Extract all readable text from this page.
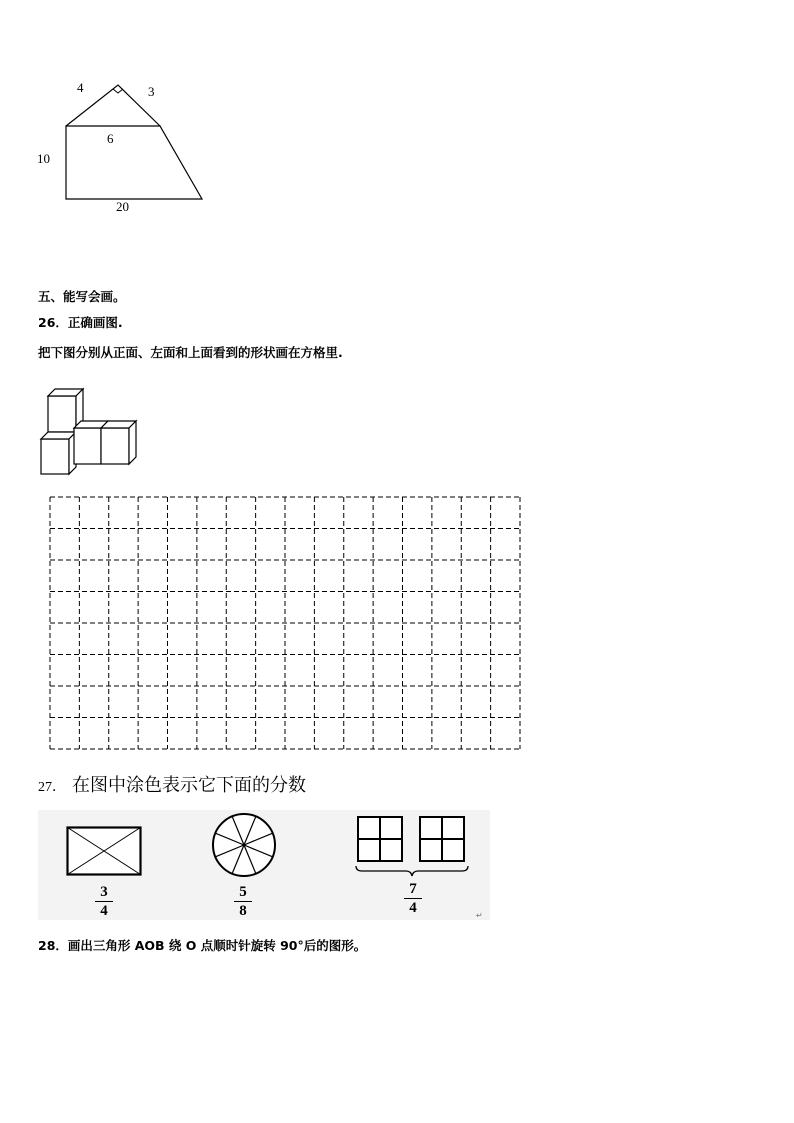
4	3
6
10
20
五、能写会画。
26．正确画图.
把下图分别从正面、左面和上面看到的形状画在方格里.
27． 在图中涂色表示它下面的分数
3
4
5
8
7
4	↵
28．画出三角形 AOB 绕 O 点顺时针旋转 90°后的图形。
